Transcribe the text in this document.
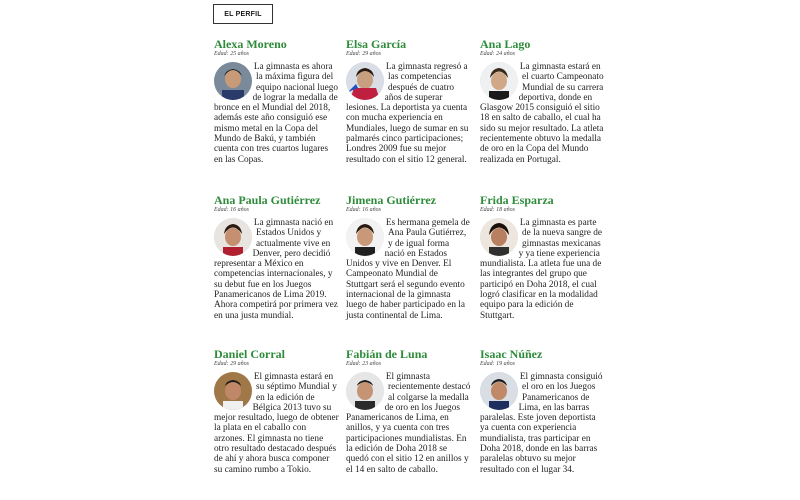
EL PERFIL
Alexa Moreno
Edad: 25 años
La gimnasta es ahora la máxima figura del equipo nacional luego de lograr la medalla de bronce en el Mundial del 2018, además este año consiguió ese mismo metal en la Copa del Mundo de Bakú, y también cuenta con tres cuartos lugares en las Copas.
Elsa García
Edad: 29 años
La gimnasta regresó a las competencias después de cuatro años de superar lesiones. La deportista ya cuenta con mucha experiencia en Mundiales, luego de sumar en su palmarés cinco participaciones; Londres 2009 fue su mejor resultado con el sitio 12 general.
Ana Lago
Edad: 24 años
La gimnasta estará en el cuarto Campeonato Mundial de su carrera deportiva, donde en Glasgow 2015 consiguió el sitio 18 en salto de caballo, el cual ha sido su mejor resultado. La atleta recientemente obtuvo la medalla de oro en la Copa del Mundo realizada en Portugal.
Ana Paula Gutiérrez
Edad: 16 años
La gimnasta nació en Estados Unidos y actualmente vive en Denver, pero decidió representar a México en competencias internacionales, y su debut fue en los Juegos Panamericanos de Lima 2019. Ahora competirá por primera vez en una justa mundial.
Jimena Gutiérrez
Edad: 16 años
Es hermana gemela de Ana Paula Gutiérrez, y de igual forma nació en Estados Unidos y vive en Denver. El Campeonato Mundial de Stuttgart será el segundo evento internacional de la gimnasta luego de haber participado en la justa continental de Lima.
Frida Esparza
Edad: 18 años
La gimnasta es parte de la nueva sangre de gimnastas mexicanas y ya tiene experiencia mundialista. La atleta fue una de las integrantes del grupo que participó en Doha 2018, el cual logró clasificar en la modalidad equipo para la edición de Stuttgart.
Daniel Corral
Edad: 29 años
El gimnasta estará en su séptimo Mundial y en la edición de Bélgica 2013 tuvo su mejor resultado, luego de obtener la plata en el caballo con arzones. El gimnasta no tiene otro resultado destacado después de ahí y ahora busca componer su camino rumbo a Tokio.
Fabián de Luna
Edad: 23 años
El gimnasta recientemente destacó al colgarse la medalla de oro en los Juegos Panamericanos de Lima, en anillos, y ya cuenta con tres participaciones mundialistas. En la edición de Doha 2018 se quedó con el sitio 12 en anillos y el 14 en salto de caballo.
Isaac Núñez
Edad: 19 años
El gimnasta consiguió el oro en los Juegos Panamericanos de Lima, en las barras paralelas. Este joven deportista ya cuenta con experiencia mundialista, tras participar en Doha 2018, donde en las barras paralelas obtuvo su mejor resultado con el lugar 34.
